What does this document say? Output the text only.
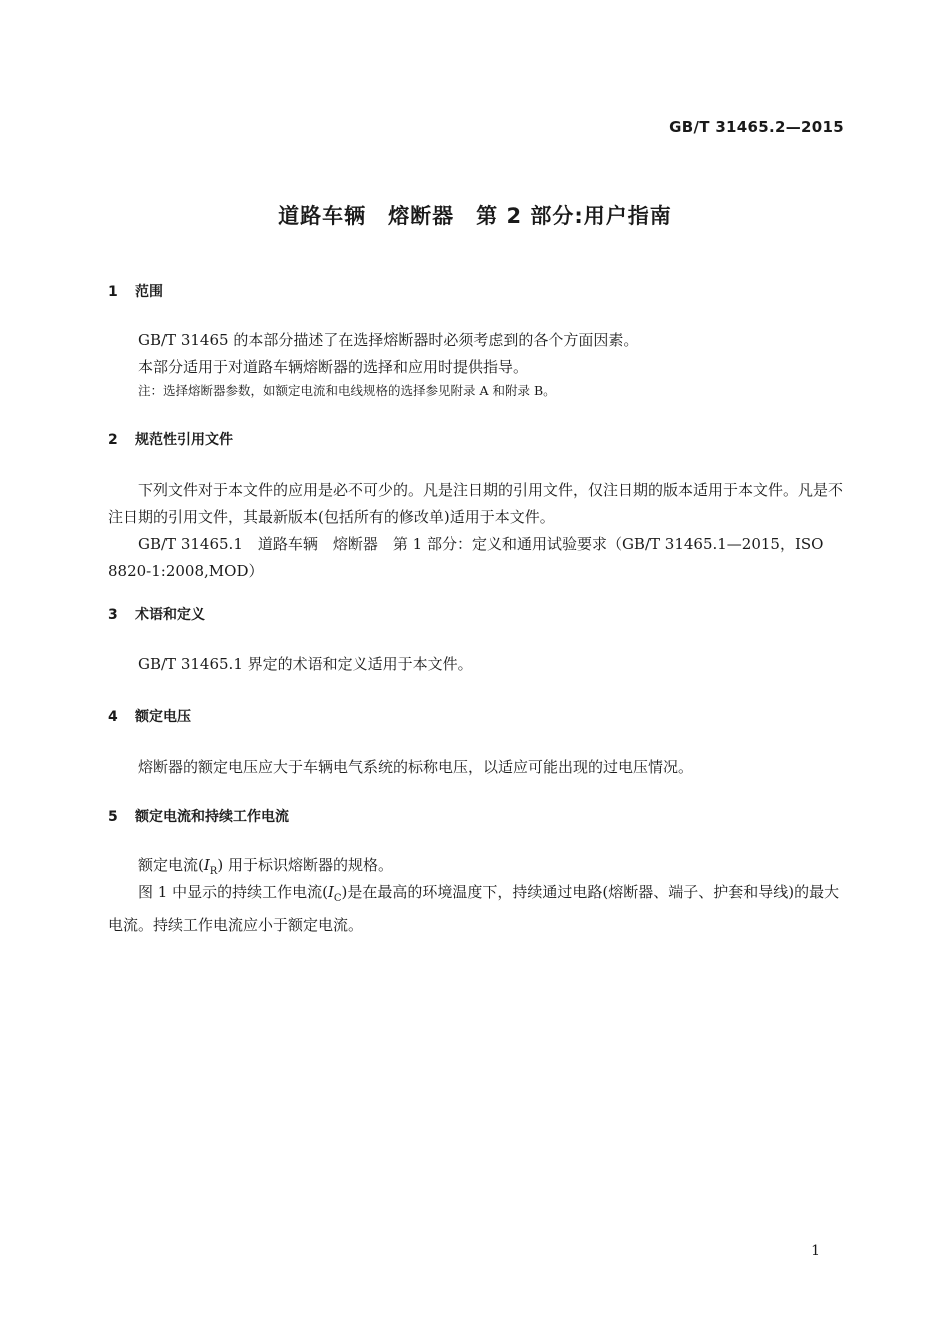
GB/T 31465.2—2015
道路车辆　熔断器　第 2 部分:用户指南
1 范围
GB/T 31465 的本部分描述了在选择熔断器时必须考虑到的各个方面因素。
本部分适用于对道路车辆熔断器的选择和应用时提供指导。
注：选择熔断器参数，如额定电流和电线规格的选择参见附录 A 和附录 B。
2 规范性引用文件
下列文件对于本文件的应用是必不可少的。凡是注日期的引用文件，仅注日期的版本适用于本文件。凡是不注日期的引用文件，其最新版本(包括所有的修改单)适用于本文件。
GB/T 31465.1　道路车辆　熔断器　第 1 部分：定义和通用试验要求（GB/T 31465.1—2015，ISO 8820-1:2008,MOD）
3 术语和定义
GB/T 31465.1 界定的术语和定义适用于本文件。
4 额定电压
熔断器的额定电压应大于车辆电气系统的标称电压，以适应可能出现的过电压情况。
5 额定电流和持续工作电流
额定电流$(I_R)$ 用于标识熔断器的规格。
图 1 中显示的持续工作电流$(I_C)$是在最高的环境温度下，持续通过电路(熔断器、端子、护套和导线)的最大电流。持续工作电流应小于额定电流。
1
